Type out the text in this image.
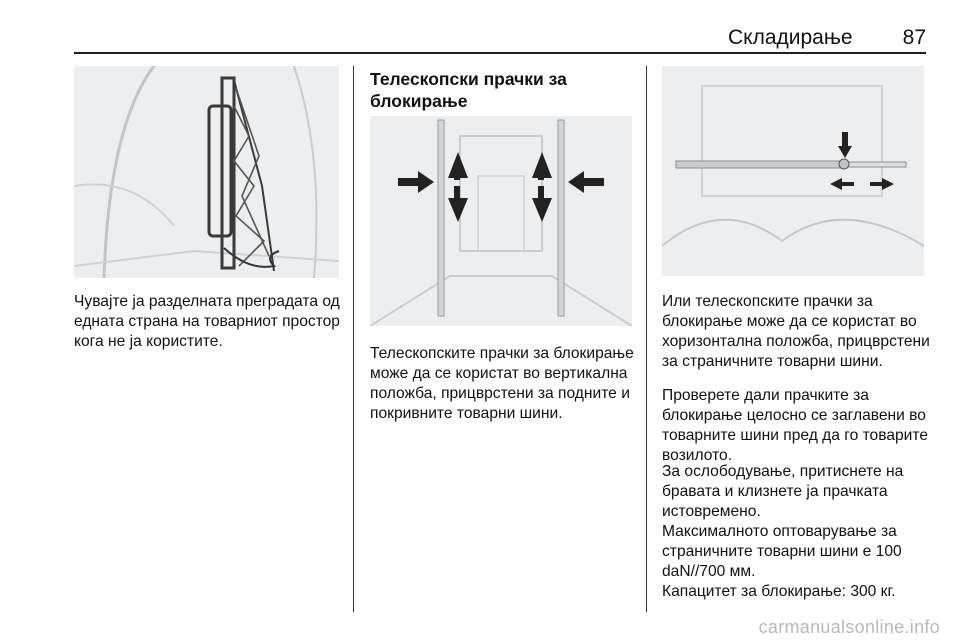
Складирање	87

Чувајте ја разделната преградата од едната страна на товарниот простор кога не ја користите.

Телескопски прачки за блокирање

Телескопските прачки за блокирање може да се користат во вертикална положба, прицврстени за подните и покривните товарни шини.

Или телескопските прачки за блокирање може да се користат во хоризонтална положба, прицврстени за страничните товарни шини.

Проверете дали прачките за блокирање целосно се заглавени во товарните шини пред да го товарите возилото.

За ослободување, притиснете на бравата и клизнете ја прачката истовремено.

Максималното оптоварување за страничните товарни шини е 100 daN//700 мм.

Капацитет за блокирање: 300 кг.

carmanualsonline.info
